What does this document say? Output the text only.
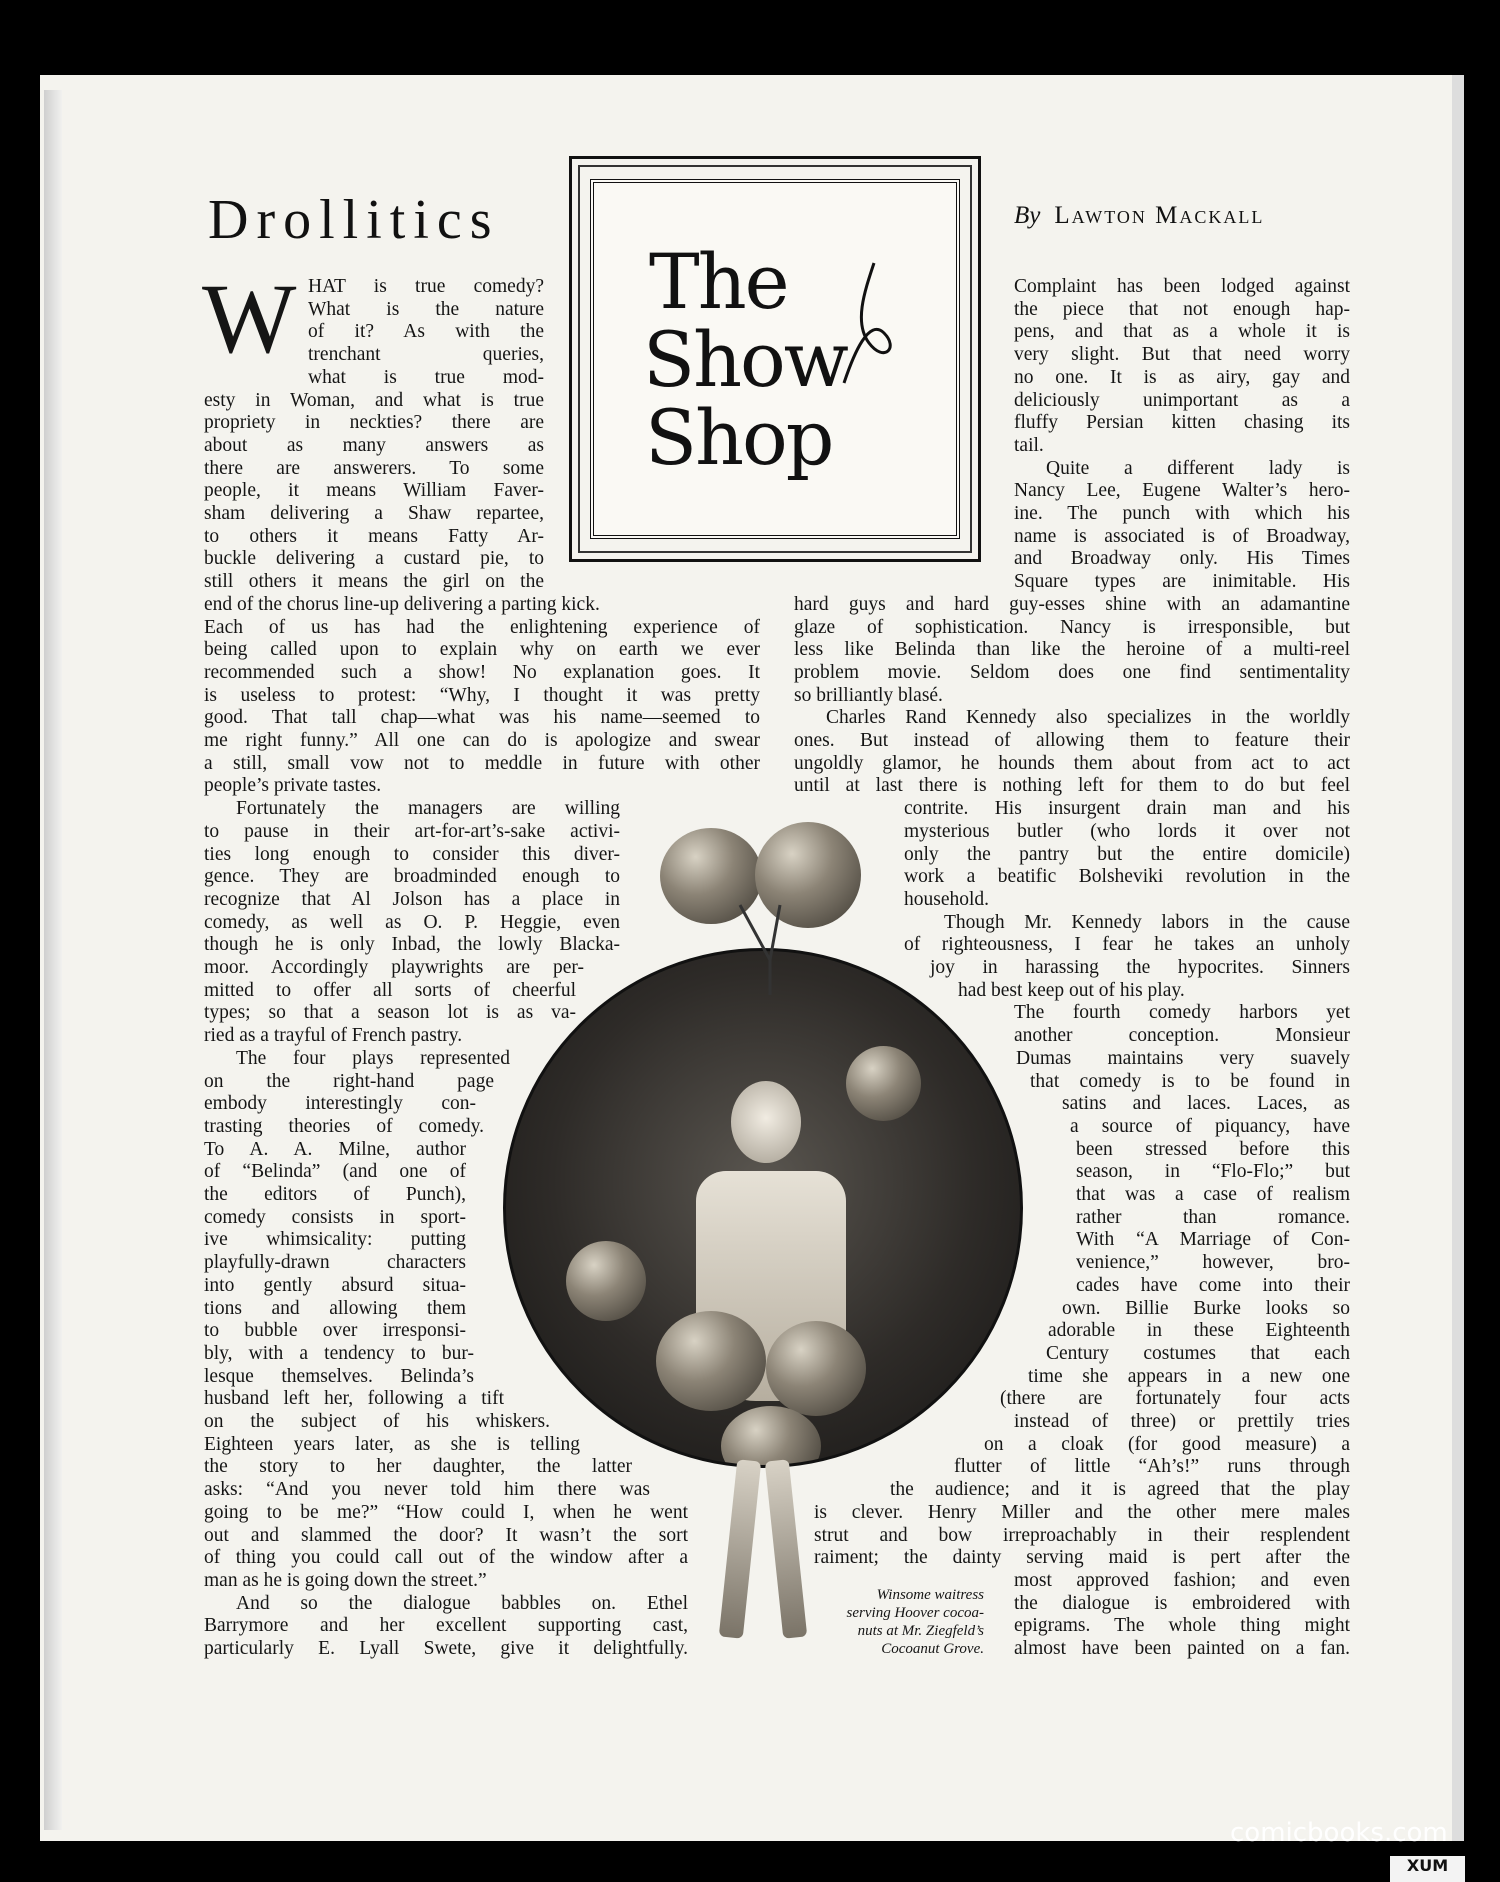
Drollitics	By Lawton Mackall
The
Show
Shop
W HAT is true comedy?
What is the nature
of it? As with the
trenchant queries,
what is true mod-
esty in Woman, and what is true
propriety in neckties? there are
about as many answers as
there are answerers. To some
people, it means William Faver-
sham delivering a Shaw repartee,
to others it means Fatty Ar-
buckle delivering a custard pie, to
still others it means the girl on the
end of the chorus line-up delivering a parting kick.
Each of us has had the enlightening experience of
being called upon to explain why on earth we ever
recommended such a show! No explanation goes. It
is useless to protest: “Why, I thought it was pretty
good. That tall chap—what was his name—seemed to
me right funny.” All one can do is apologize and swear
a still, small vow not to meddle in future with other
people’s private tastes.
Fortunately the managers are willing
to pause in their art-for-art’s-sake activi-
ties long enough to consider this diver-
gence. They are broadminded enough to
recognize that Al Jolson has a place in
comedy, as well as O. P. Heggie, even
though he is only Inbad, the lowly Blacka-
moor. Accordingly playwrights are per-
mitted to offer all sorts of cheerful
types; so that a season lot is as va-
ried as a trayful of French pastry.
The four plays represented
on the right-hand page
embody interestingly con-
trasting theories of comedy.
To A. A. Milne, author
of “Belinda” (and one of
the editors of Punch),
comedy consists in sport-
ive whimsicality: putting
playfully-drawn characters
into gently absurd situa-
tions and allowing them
to bubble over irresponsi-
bly, with a tendency to bur-
lesque themselves. Belinda’s
husband left her, following a tift
on the subject of his whiskers.
Eighteen years later, as she is telling
the story to her daughter, the latter
asks: “And you never told him there was
going to be me?” “How could I, when he went
out and slammed the door? It wasn’t the sort
of thing you could call out of the window after a
man as he is going down the street.”
And so the dialogue babbles on. Ethel
Barrymore and her excellent supporting cast,
particularly E. Lyall Swete, give it delightfully.
Complaint has been lodged against
the piece that not enough hap-
pens, and that as a whole it is
very slight. But that need worry
no one. It is as airy, gay and
deliciously unimportant as a
fluffy Persian kitten chasing its
tail.
Quite a different lady is
Nancy Lee, Eugene Walter’s hero-
ine. The punch with which his
name is associated is of Broadway,
and Broadway only. His Times
Square types are inimitable. His
hard guys and hard guy-esses shine with an adamantine
glaze of sophistication. Nancy is irresponsible, but
less like Belinda than like the heroine of a multi-reel
problem movie. Seldom does one find sentimentality
so brilliantly blasé.
Charles Rand Kennedy also specializes in the worldly
ones. But instead of allowing them to feature their
ungoldly glamor, he hounds them about from act to act
until at last there is nothing left for them to do but feel
contrite. His insurgent drain man and his
mysterious butler (who lords it over not
only the pantry but the entire domicile)
work a beatific Bolsheviki revolution in the
household.
Though Mr. Kennedy labors in the cause
of righteousness, I fear he takes an unholy
joy in harassing the hypocrites. Sinners
had best keep out of his play.
The fourth comedy harbors yet
another conception. Monsieur
Dumas maintains very suavely
that comedy is to be found in
satins and laces. Laces, as
a source of piquancy, have
been stressed before this
season, in “Flo-Flo;” but
that was a case of realism
rather than romance.
With “A Marriage of Con-
venience,” however, bro-
cades have come into their
own. Billie Burke looks so
adorable in these Eighteenth
Century costumes that each
time she appears in a new one
(there are fortunately four acts
instead of three) or prettily tries
on a cloak (for good measure) a
flutter of little “Ah’s!” runs through
the audience; and it is agreed that the play
is clever. Henry Miller and the other mere males
strut and bow irreproachably in their resplendent
raiment; the dainty serving maid is pert after the
most approved fashion; and even
the dialogue is embroidered with
epigrams. The whole thing might
almost have been painted on a fan.
Winsome waitress serving Hoover cocoa-nuts at Mr. Ziegfeld’s Cocoanut Grove.
comicbooks.com
XUM
